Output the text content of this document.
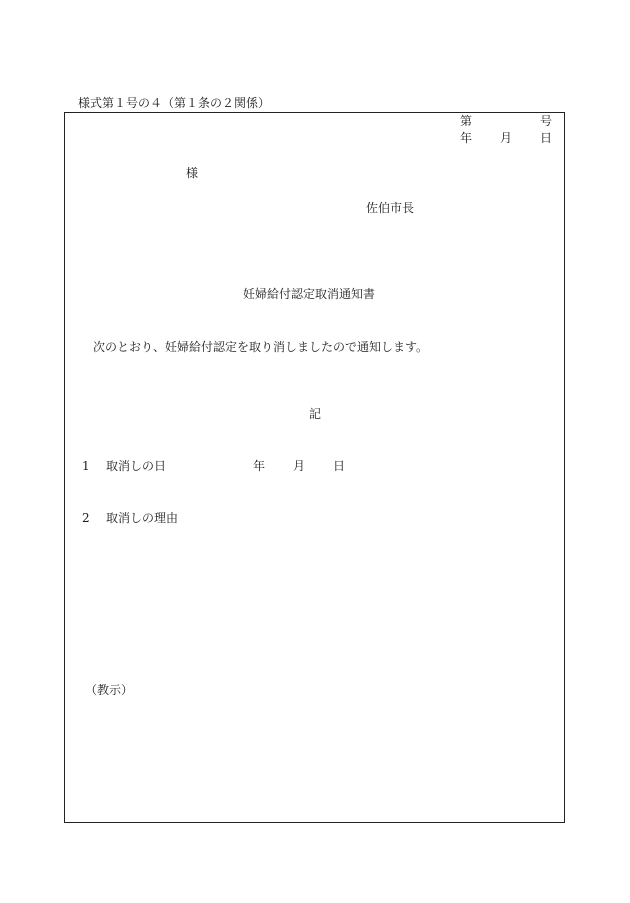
様式第１号の４（第１条の２関係）
第	号
年 月 日
様
佐伯市長
妊婦給付認定取消通知書
次のとおり、妊婦給付認定を取り消しましたので通知します。
記
1 取消しの日	年 月 日
2 取消しの理由
（教示）
